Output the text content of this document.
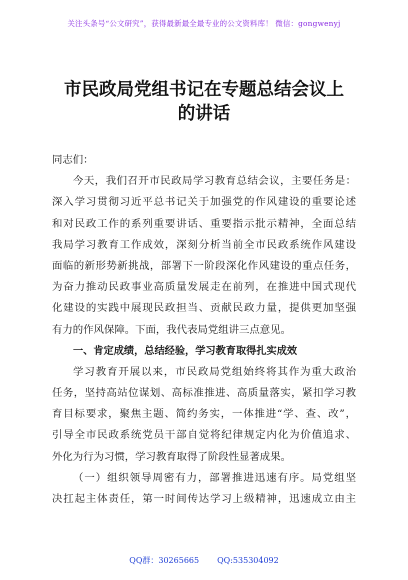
关注头条号“公文研究”，获得最新最全最专业的公文资料库！ 微信：gongwenyj
市民政局党组书记在专题总结会议上
的讲话
同志们：
今天，我们召开市民政局学习教育总结会议，主要任务是：
深入学习贯彻习近平总书记关于加强党的作风建设的重要论述
和对民政工作的系列重要讲话、重要指示批示精神，全面总结
我局学习教育工作成效，深刻分析当前全市民政系统作风建设
面临的新形势新挑战，部署下一阶段深化作风建设的重点任务，
为奋力推动民政事业高质量发展走在前列，在推进中国式现代
化建设的实践中展现民政担当、贡献民政力量，提供更加坚强
有力的作风保障。下面，我代表局党组讲三点意见。
一、肯定成绩，总结经验，学习教育取得扎实成效
学习教育开展以来，市民政局党组始终将其作为重大政治
任务，坚持高站位谋划、高标准推进、高质量落实，紧扣学习教
育目标要求，聚焦主题、简约务实，一体推进“学、查、改”，
引导全市民政系统党员干部自觉将纪律规定内化为价值追求、
外化为行为习惯，学习教育取得了阶段性显著成果。
（一）组织领导周密有力，部署推进迅速有序。局党组坚
决扛起主体责任，第一时间传达学习上级精神，迅速成立由主
QQ群：30265665 QQ:535304092
